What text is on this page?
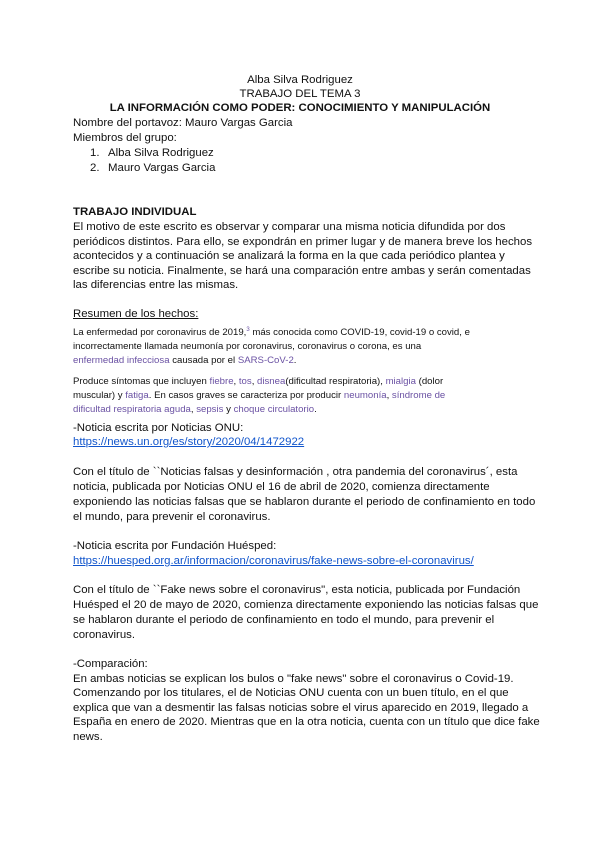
Alba Silva Rodriguez
TRABAJO DEL TEMA 3
LA INFORMACIÓN COMO PODER: CONOCIMIENTO Y MANIPULACIÓN
Nombre del portavoz: Mauro Vargas Garcia
Miembros del grupo:
1. Alba Silva Rodriguez
2. Mauro Vargas Garcia
TRABAJO INDIVIDUAL
El motivo de este escrito es observar y comparar una misma noticia difundida por dos
periódicos distintos. Para ello, se expondrán en primer lugar y de manera breve los hechos
acontecidos y a continuación se analizará la forma en la que cada periódico plantea y
escribe su noticia. Finalmente, se hará una comparación entre ambas y serán comentadas
las diferencias entre las mismas.
Resumen de los hechos:
La enfermedad por coronavirus de 2019,$^3$ más conocida como COVID-19, covid-19 o covid, e
incorrectamente llamada neumonía por coronavirus, coronavirus o corona, es una
enfermedad infecciosa causada por el SARS-CoV-2.
Produce síntomas que incluyen fiebre, tos, disnea(dificultad respiratoria), mialgia (dolor
muscular) y fatiga. En casos graves se caracteriza por producir neumonía, síndrome de
dificultad respiratoria aguda, sepsis y choque circulatorio.
-Noticia escrita por Noticias ONU:
https://news.un.org/es/story/2020/04/1472922
Con el título de ``Noticias falsas y desinformación , otra pandemia del coronavirus´, esta
noticia, publicada por Noticias ONU el 16 de abril de 2020, comienza directamente
exponiendo las noticias falsas que se hablaron durante el periodo de confinamiento en todo
el mundo, para prevenir el coronavirus.
-Noticia escrita por Fundación Huésped:
https://huesped.org.ar/informacion/coronavirus/fake-news-sobre-el-coronavirus/
Con el título de ``Fake news sobre el coronavirus", esta noticia, publicada por Fundación
Huésped el 20 de mayo de 2020, comienza directamente exponiendo las noticias falsas que
se hablaron durante el periodo de confinamiento en todo el mundo, para prevenir el
coronavirus.
-Comparación:
En ambas noticias se explican los bulos o "fake news" sobre el coronavirus o Covid-19.
Comenzando por los titulares, el de Noticias ONU cuenta con un buen título, en el que
explica que van a desmentir las falsas noticias sobre el virus aparecido en 2019, llegado a
España en enero de 2020. Mientras que en la otra noticia, cuenta con un título que dice fake
news.
